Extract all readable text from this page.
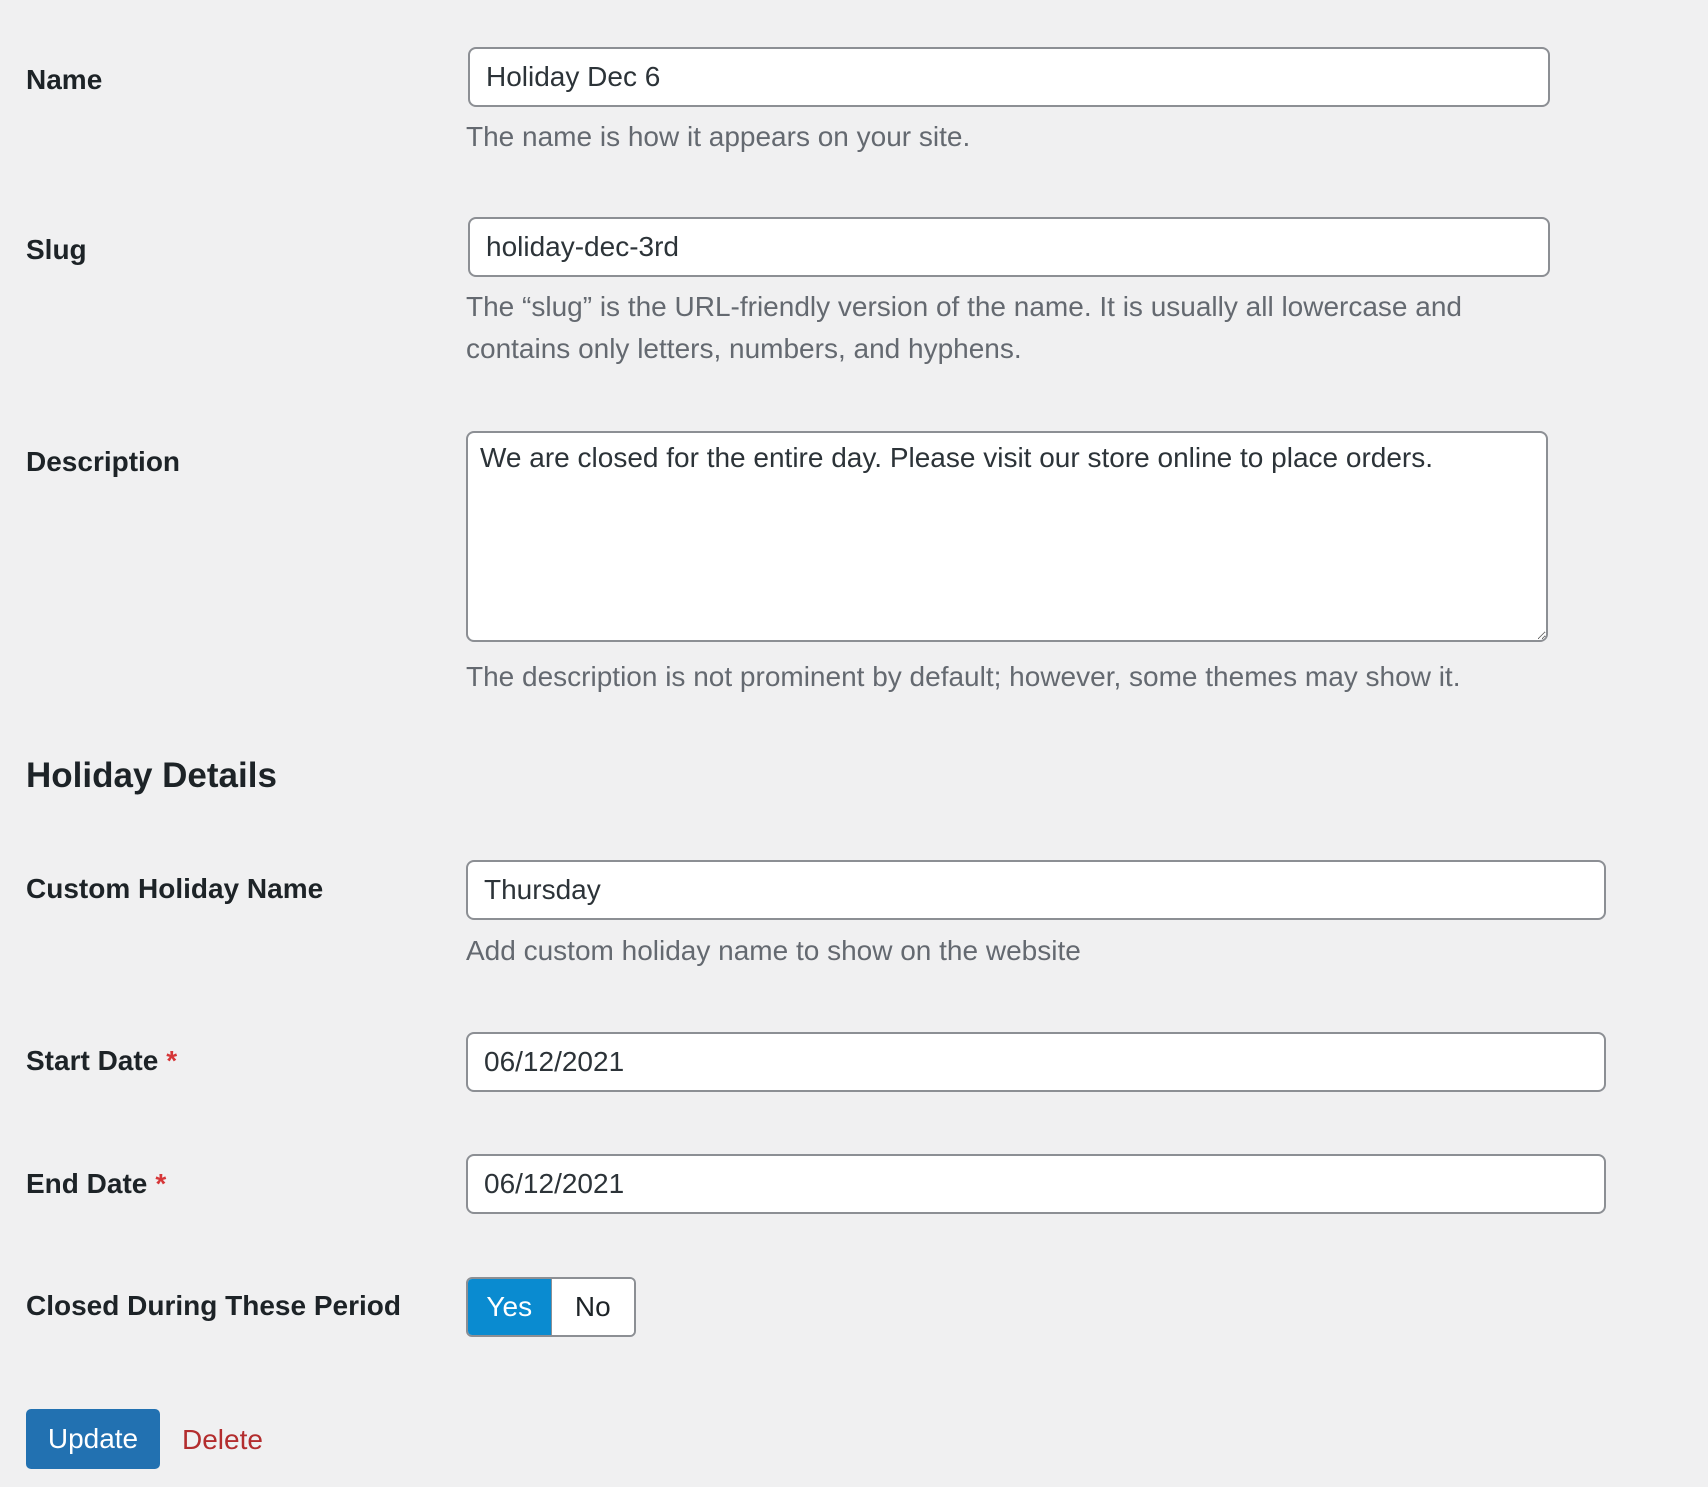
Name
Holiday Dec 6
The name is how it appears on your site.
Slug
holiday-dec-3rd
The “slug” is the URL-friendly version of the name. It is usually all lowercase and contains only letters, numbers, and hyphens.
Description
We are closed for the entire day. Please visit our store online to place orders.
The description is not prominent by default; however, some themes may show it.
Holiday Details
Custom Holiday Name
Thursday
Add custom holiday name to show on the website
Start Date *
06/12/2021
End Date *
06/12/2021
Closed During These Period	Yes	No
Update	Delete
